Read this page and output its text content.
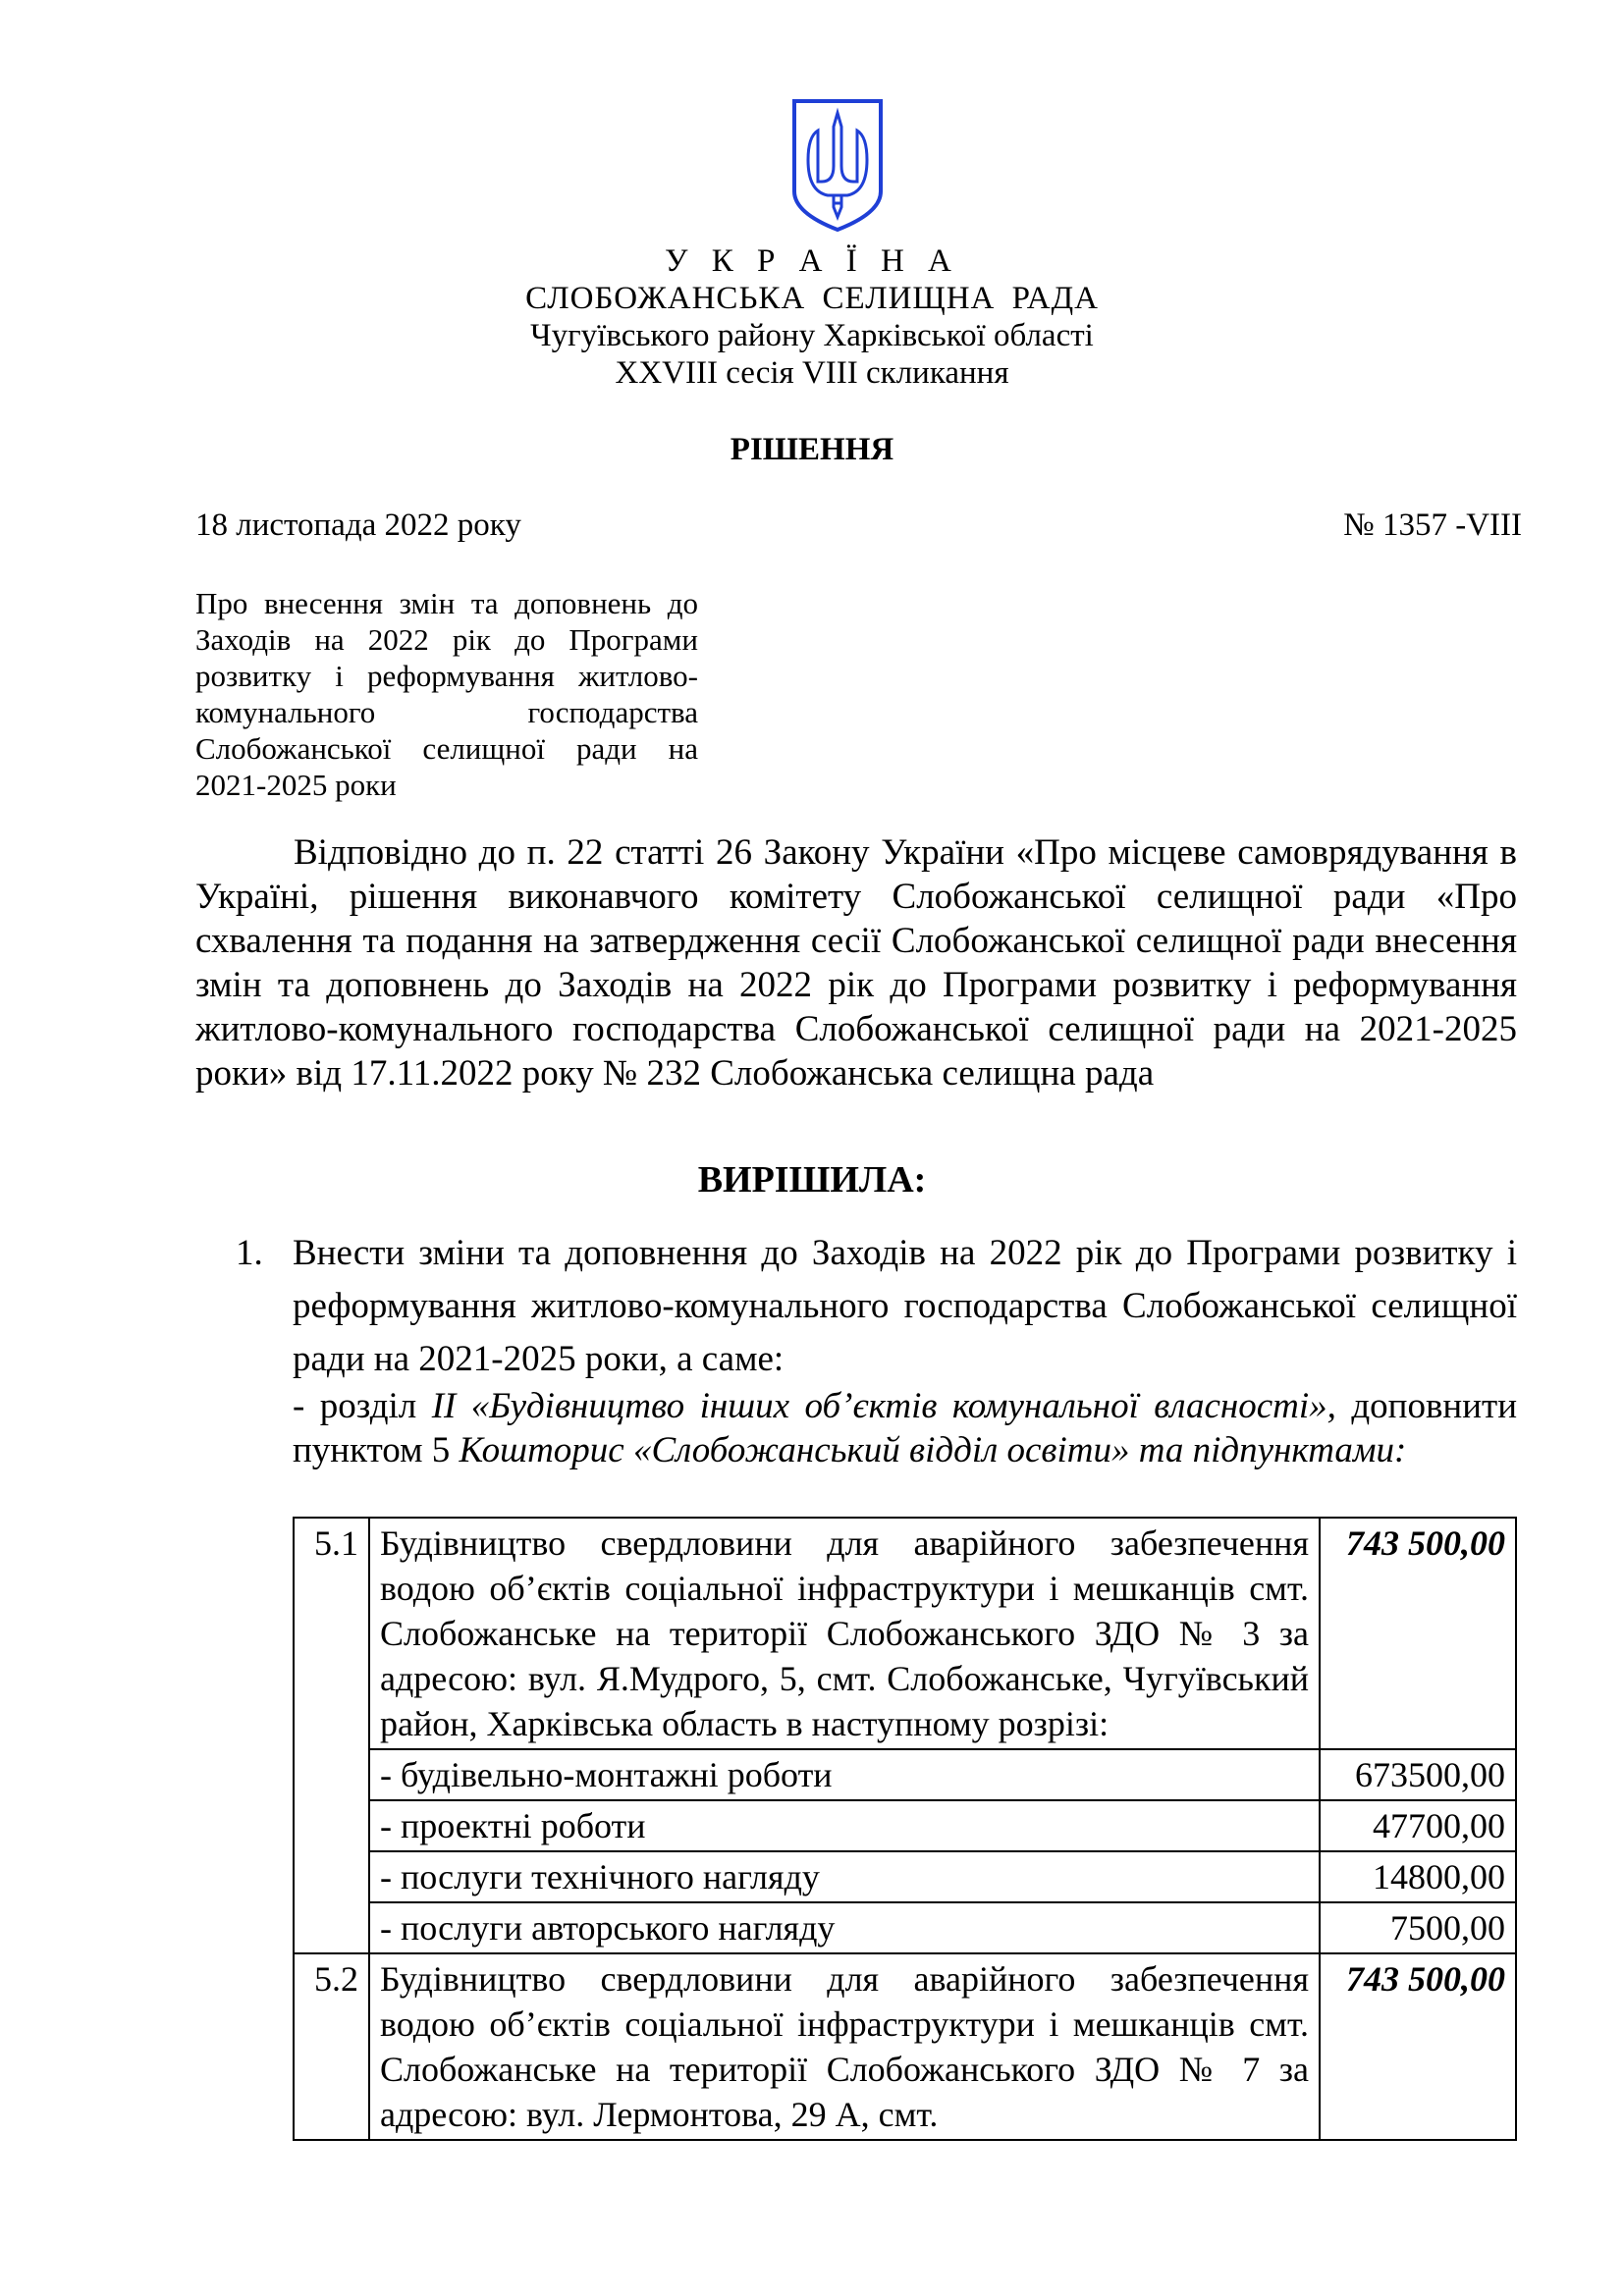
У К Р А Ї Н А
СЛОБОЖАНСЬКА СЕЛИЩНА РАДА
Чугуївського району Харківської області
XXVIII сесія VIII скликання
РІШЕННЯ
18 листопада 2022 року	№ 1357 -VIII
Про внесення змін та доповнень до Заходів на 2022 рік до Програми розвитку і реформування житлово-комунального господарства Слобожанської селищної ради на 2021-2025 роки
Відповідно до п. 22 статті 26 Закону України «Про місцеве самоврядування в Україні, рішення виконавчого комітету Слобожанської селищної ради «Про схвалення та подання на затвердження сесії Слобожанської селищної ради внесення змін та доповнень до Заходів на 2022 рік до Програми розвитку і реформування житлово-комунального господарства Слобожанської селищної ради на 2021-2025 роки» від 17.11.2022 року № 232 Слобожанська селищна рада
ВИРІШИЛА:
1. Внести зміни та доповнення до Заходів на 2022 рік до Програми розвитку і реформування житлово-комунального господарства Слобожанської селищної ради на 2021-2025 роки, а саме:
- розділ ІІ «Будівництво інших об’єктів комунальної власності», доповнити пунктом 5 Кошторис «Слобожанський відділ освіти» та підпунктами:
5.1	Будівництво свердловини для аварійного забезпечення водою об’єктів соціальної інфраструктури і мешканців смт. Слобожанське на території Слобожанського ЗДО № 3 за адресою: вул. Я.Мудрого, 5, смт. Слобожанське, Чугуївський район, Харківська область в наступному розрізі:	743 500,00
	- будівельно-монтажні роботи	673500,00
	- проектні роботи	47700,00
	- послуги технічного нагляду	14800,00
	- послуги авторського нагляду	7500,00
5.2	Будівництво свердловини для аварійного забезпечення водою об’єктів соціальної інфраструктури і мешканців смт. Слобожанське на території Слобожанського ЗДО № 7 за адресою: вул. Лермонтова, 29 А, смт.	743 500,00
